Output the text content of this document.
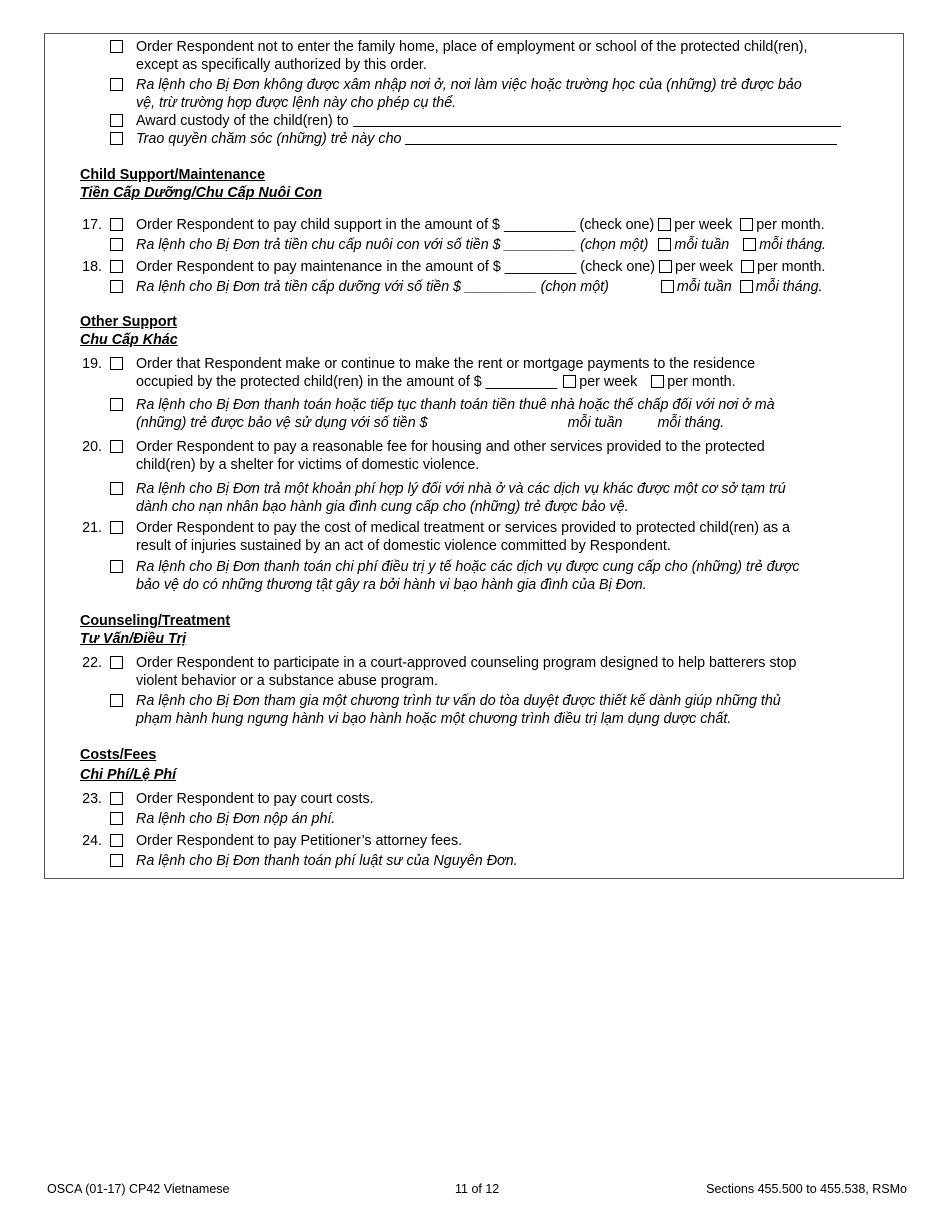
Order Respondent not to enter the family home, place of employment or school of the protected child(ren),
except as specifically authorized by this order.
Ra lệnh cho Bị Đơn không được xâm nhập nơi ở, nơi làm việc hoặc trường học của (những) trẻ được bảo
vệ, trừ trường hợp được lệnh này cho phép cụ thể.
Award custody of the child(ren) to
Trao quyền chăm sóc (những) trẻ này cho
Child Support/Maintenance
Tiền Cấp Dưỡng/Chu Cấp Nuôi Con
17. Order Respondent to pay child support in the amount of $ _________ (check one) per week per month.
Ra lệnh cho Bị Đơn trả tiền chu cấp nuôi con với số tiền $ _________ (chọn một) mỗi tuần mỗi tháng.
18. Order Respondent to pay maintenance in the amount of $ _________ (check one) per week per month.
Ra lệnh cho Bị Đơn trả tiền cấp dưỡng với số tiền $ _________ (chọn một)	mỗi tuần mỗi tháng.
Other Support
Chu Cấp Khác
19. Order that Respondent make or continue to make the rent or mortgage payments to the residence
occupied by the protected child(ren) in the amount of $ _________ per week per month.
Ra lệnh cho Bị Đơn thanh toán hoặc tiếp tục thanh toán tiền thuê nhà hoặc thế chấp đối với nơi ở mà
(những) trẻ được bảo vệ sử dụng với số tiền $	mỗi tuần mỗi tháng.
20. Order Respondent to pay a reasonable fee for housing and other services provided to the protected
child(ren) by a shelter for victims of domestic violence.
Ra lệnh cho Bị Đơn trả một khoản phí hợp lý đối với nhà ở và các dịch vụ khác được một cơ sở tạm trú
dành cho nạn nhân bạo hành gia đình cung cấp cho (những) trẻ được bảo vệ.
21. Order Respondent to pay the cost of medical treatment or services provided to protected child(ren) as a
result of injuries sustained by an act of domestic violence committed by Respondent.
Ra lệnh cho Bị Đơn thanh toán chi phí điều trị y tế hoặc các dịch vụ được cung cấp cho (những) trẻ được
bảo vệ do có những thương tật gây ra bởi hành vi bạo hành gia đình của Bị Đơn.
Counseling/Treatment
Tư Vấn/Điều Trị
22. Order Respondent to participate in a court-approved counseling program designed to help batterers stop
violent behavior or a substance abuse program.
Ra lệnh cho Bị Đơn tham gia một chương trình tư vấn do tòa duyệt được thiết kế dành giúp những thủ
phạm hành hung ngưng hành vi bạo hành hoặc một chương trình điều trị lạm dụng dược chất.
Costs/Fees
Chi Phí/Lệ Phí
23. Order Respondent to pay court costs.
Ra lệnh cho Bị Đơn nộp án phí.
24. Order Respondent to pay Petitioner’s attorney fees.
Ra lệnh cho Bị Đơn thanh toán phí luật sư của Nguyên Đơn.
OSCA (01-17) CP42 Vietnamese	11 of 12	Sections 455.500 to 455.538, RSMo
